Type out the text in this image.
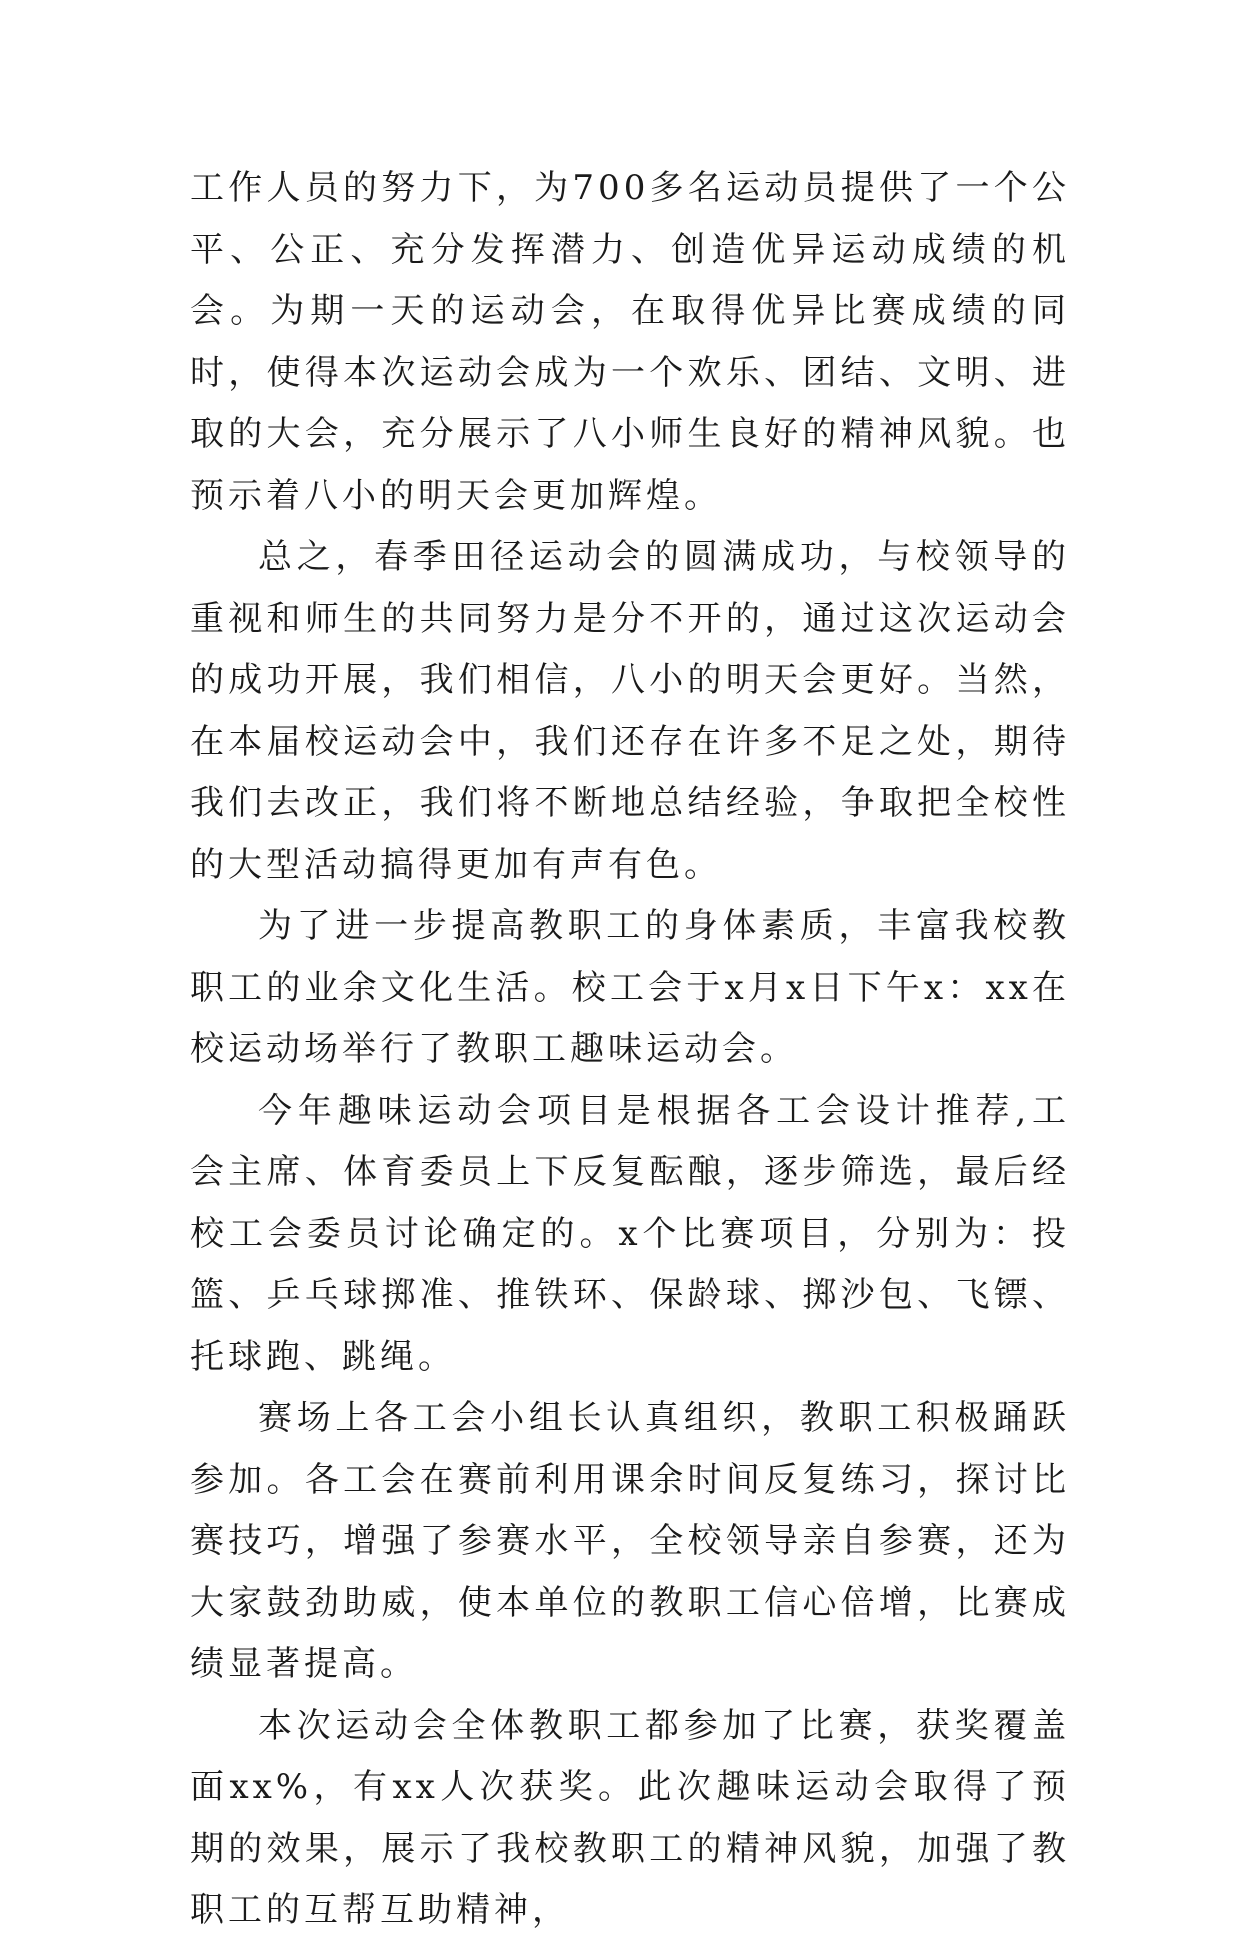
工作人员的努力下，为700多名运动员提供了一个公平、公正、充分发挥潜力、创造优异运动成绩的机会。为期一天的运动会，在取得优异比赛成绩的同时，使得本次运动会成为一个欢乐、团结、文明、进取的大会，充分展示了八小师生良好的精神风貌。也预示着八小的明天会更加辉煌。

总之，春季田径运动会的圆满成功，与校领导的重视和师生的共同努力是分不开的，通过这次运动会的成功开展，我们相信，八小的明天会更好。当然，在本届校运动会中，我们还存在许多不足之处，期待我们去改正，我们将不断地总结经验，争取把全校性的大型活动搞得更加有声有色。

为了进一步提高教职工的身体素质，丰富我校教职工的业余文化生活。校工会于x月x日下午x：xx在校运动场举行了教职工趣味运动会。

今年趣味运动会项目是根据各工会设计推荐,工会主席、体育委员上下反复酝酿，逐步筛选，最后经校工会委员讨论确定的。x个比赛项目，分别为：投篮、乒乓球掷准、推铁环、保龄球、掷沙包、飞镖、托球跑、跳绳。

赛场上各工会小组长认真组织，教职工积极踊跃参加。各工会在赛前利用课余时间反复练习，探讨比赛技巧，增强了参赛水平，全校领导亲自参赛，还为大家鼓劲助威，使本单位的教职工信心倍增，比赛成绩显著提高。

本次运动会全体教职工都参加了比赛，获奖覆盖面xx%，有xx人次获奖。此次趣味运动会取得了预期的效果，展示了我校教职工的精神风貌，加强了教职工的互帮互助精神，
